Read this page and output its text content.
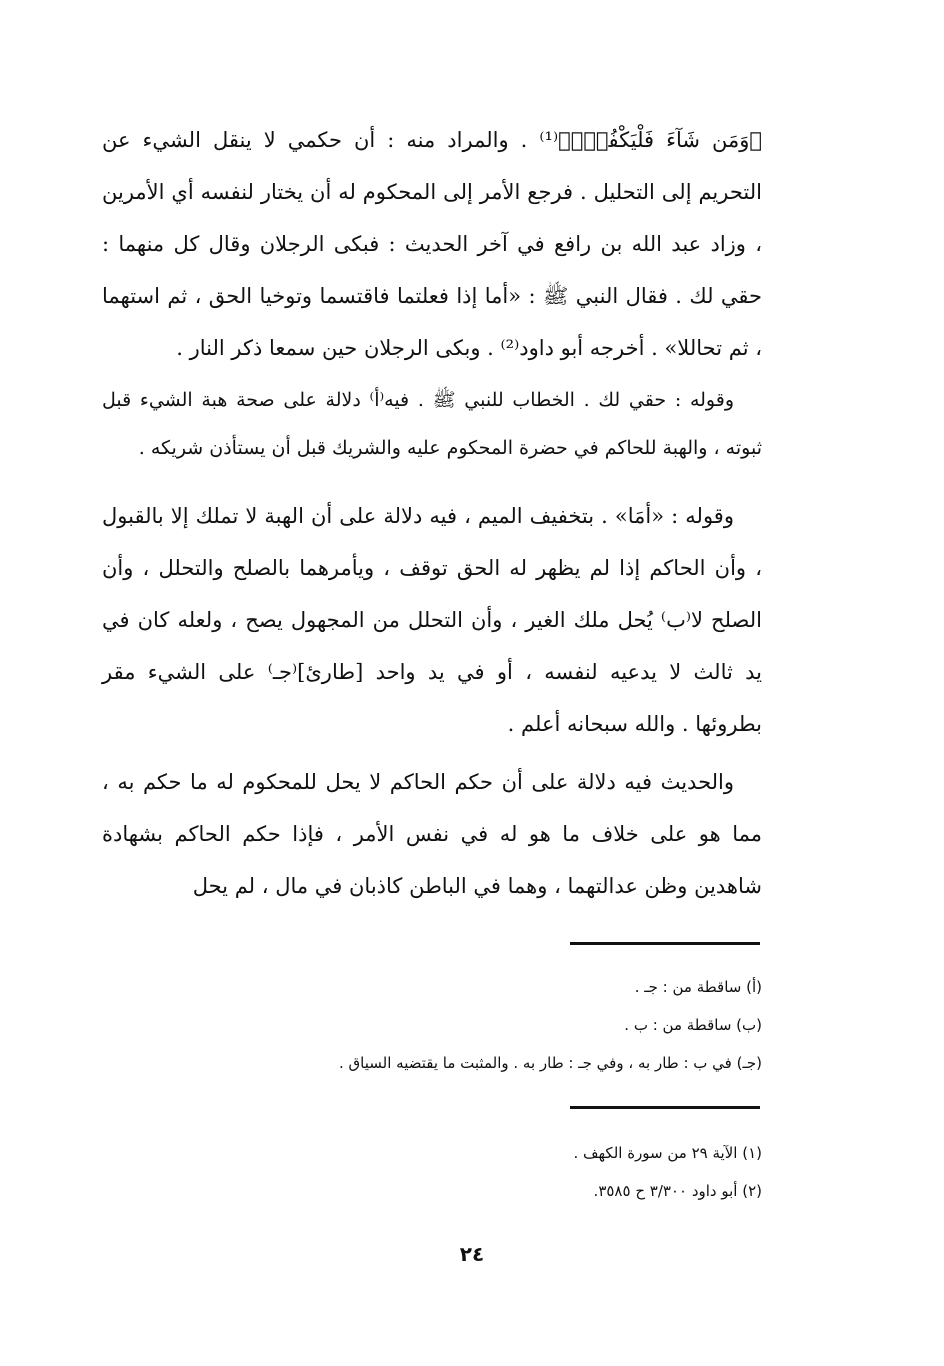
﴿وَمَن شَآءَ فَلْيَكْفُرْۚ﴾⁽¹⁾ . والمراد منه : أن حكمي لا ينقل الشيء عن التحريم إلى التحليل . فرجع الأمر إلى المحكوم له أن يختار لنفسه أي الأمرين ، وزاد عبد الله بن رافع في آخر الحديث : فبكى الرجلان وقال كل منهما : حقي لك . فقال النبي ﷺ : «أما إذا فعلتما فاقتسما وتوخيا الحق ، ثم استهما ، ثم تحاللا» . أخرجه أبو داود⁽²⁾ . وبكى الرجلان حين سمعا ذكر النار .

وقوله : حقي لك . الخطاب للنبي ﷺ . فيه⁽أ⁾ دلالة على صحة هبة الشيء قبل ثبوته ، والهبة للحاكم في حضرة المحكوم عليه والشريك قبل أن يستأذن شريكه .

وقوله : «أمَا» . بتخفيف الميم ، فيه دلالة على أن الهبة لا تملك إلا بالقبول ، وأن الحاكم إذا لم يظهر له الحق توقف ، ويأمرهما بالصلح والتحلل ، وأن الصلح لا⁽ب⁾ يُحل ملك الغير ، وأن التحلل من المجهول يصح ، ولعله كان في يد ثالث لا يدعيه لنفسه ، أو في يد واحد [طارئ]⁽جـ⁾ على الشيء مقر بطروئها . والله سبحانه أعلم .

والحديث فيه دلالة على أن حكم الحاكم لا يحل للمحكوم له ما حكم به ، مما هو على خلاف ما هو له في نفس الأمر ، فإذا حكم الحاكم بشهادة شاهدين وظن عدالتهما ، وهما في الباطن كاذبان في مال ، لم يحل

(أ) ساقطة من : جـ .

(ب) ساقطة من : ب .

(جـ) في ب : طار به ، وفي جـ : طار به . والمثبت ما يقتضيه السياق .

(١) الآية ٢٩ من سورة الكهف .

(٢) أبو داود ٣/٣٠٠ ح ٣٥٨٥.

٢٤
